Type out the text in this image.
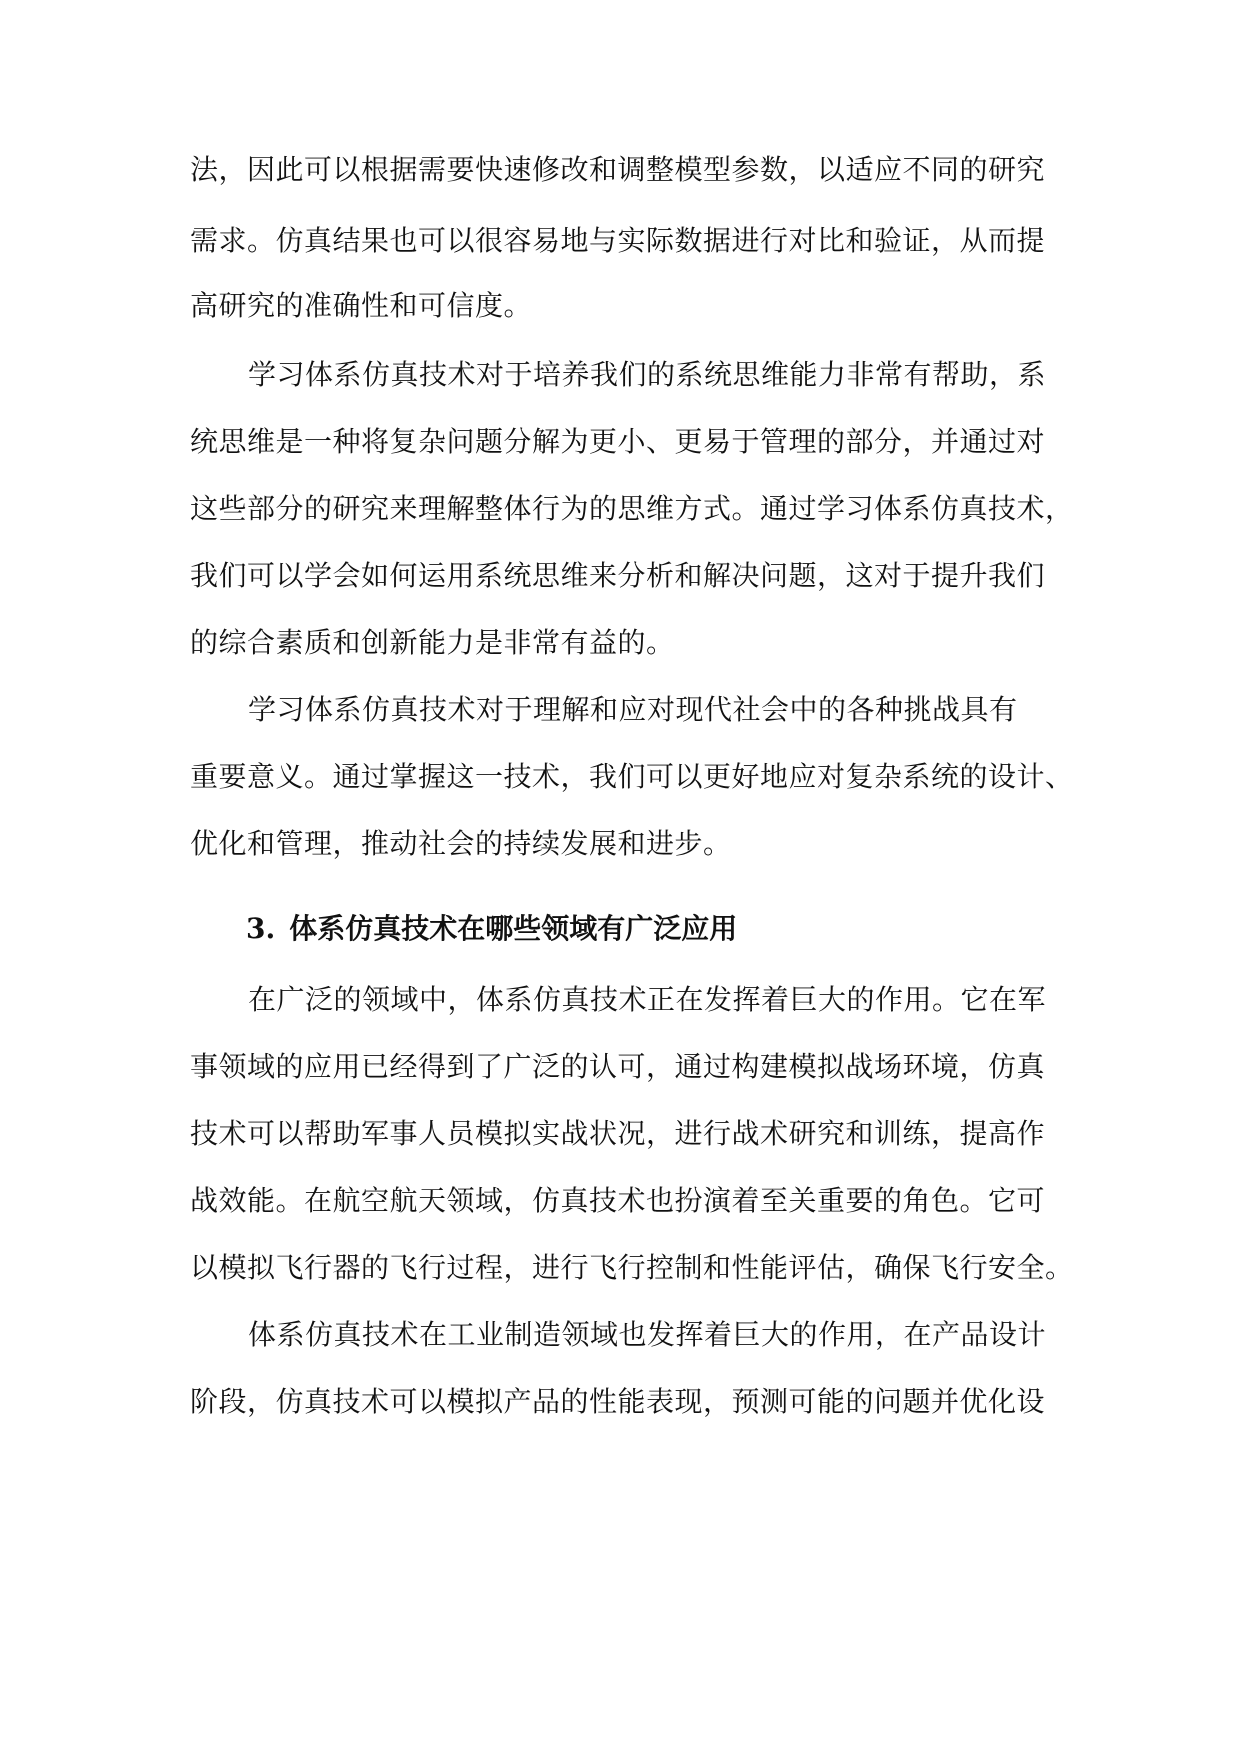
法，因此可以根据需要快速修改和调整模型参数，以适应不同的研究
需求。仿真结果也可以很容易地与实际数据进行对比和验证，从而提
高研究的准确性和可信度。
学习体系仿真技术对于培养我们的系统思维能力非常有帮助，系
统思维是一种将复杂问题分解为更小、更易于管理的部分，并通过对
这些部分的研究来理解整体行为的思维方式。通过学习体系仿真技术，
我们可以学会如何运用系统思维来分析和解决问题，这对于提升我们
的综合素质和创新能力是非常有益的。
学习体系仿真技术对于理解和应对现代社会中的各种挑战具有
重要意义。通过掌握这一技术，我们可以更好地应对复杂系统的设计、
优化和管理，推动社会的持续发展和进步。
3. 体系仿真技术在哪些领域有广泛应用
在广泛的领域中，体系仿真技术正在发挥着巨大的作用。它在军
事领域的应用已经得到了广泛的认可，通过构建模拟战场环境，仿真
技术可以帮助军事人员模拟实战状况，进行战术研究和训练，提高作
战效能。在航空航天领域，仿真技术也扮演着至关重要的角色。它可
以模拟飞行器的飞行过程，进行飞行控制和性能评估，确保飞行安全。
体系仿真技术在工业制造领域也发挥着巨大的作用，在产品设计
阶段，仿真技术可以模拟产品的性能表现，预测可能的问题并优化设
